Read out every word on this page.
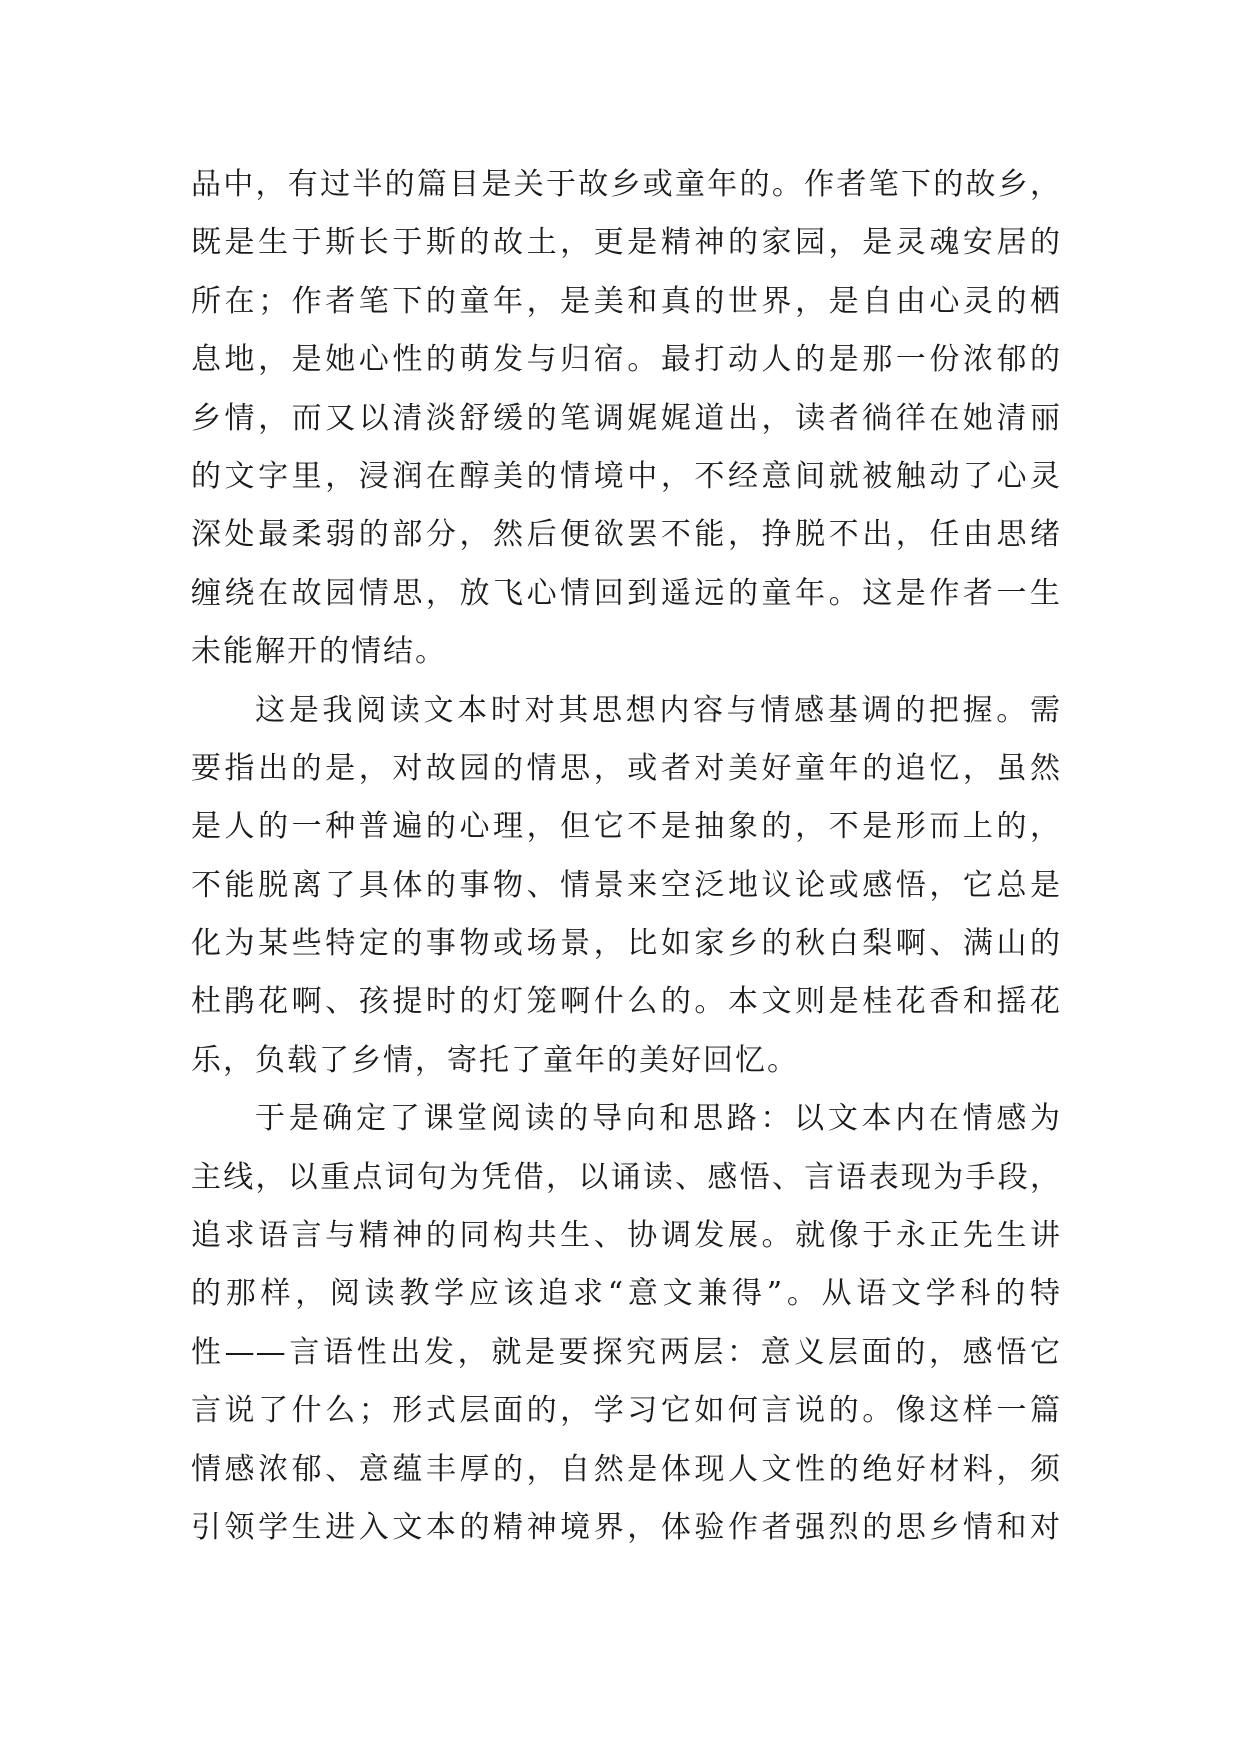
品中，有过半的篇目是关于故乡或童年的。作者笔下的故乡，
既是生于斯长于斯的故土，更是精神的家园，是灵魂安居的
所在；作者笔下的童年，是美和真的世界，是自由心灵的栖
息地，是她心性的萌发与归宿。最打动人的是那一份浓郁的
乡情，而又以清淡舒缓的笔调娓娓道出，读者徜徉在她清丽
的文字里，浸润在醇美的情境中，不经意间就被触动了心灵
深处最柔弱的部分，然后便欲罢不能，挣脱不出，任由思绪
缠绕在故园情思，放飞心情回到遥远的童年。这是作者一生
未能解开的情结。
这是我阅读文本时对其思想内容与情感基调的把握。需
要指出的是，对故园的情思，或者对美好童年的追忆，虽然
是人的一种普遍的心理，但它不是抽象的，不是形而上的，
不能脱离了具体的事物、情景来空泛地议论或感悟，它总是
化为某些特定的事物或场景，比如家乡的秋白梨啊、满山的
杜鹃花啊、孩提时的灯笼啊什么的。本文则是桂花香和摇花
乐，负载了乡情，寄托了童年的美好回忆。
于是确定了课堂阅读的导向和思路：以文本内在情感为
主线，以重点词句为凭借，以诵读、感悟、言语表现为手段，
追求语言与精神的同构共生、协调发展。就像于永正先生讲
的那样，阅读教学应该追求“意文兼得”。从语文学科的特
性——言语性出发，就是要探究两层：意义层面的，感悟它
言说了什么；形式层面的，学习它如何言说的。像这样一篇
情感浓郁、意蕴丰厚的，自然是体现人文性的绝好材料，须
引领学生进入文本的精神境界，体验作者强烈的思乡情和对
